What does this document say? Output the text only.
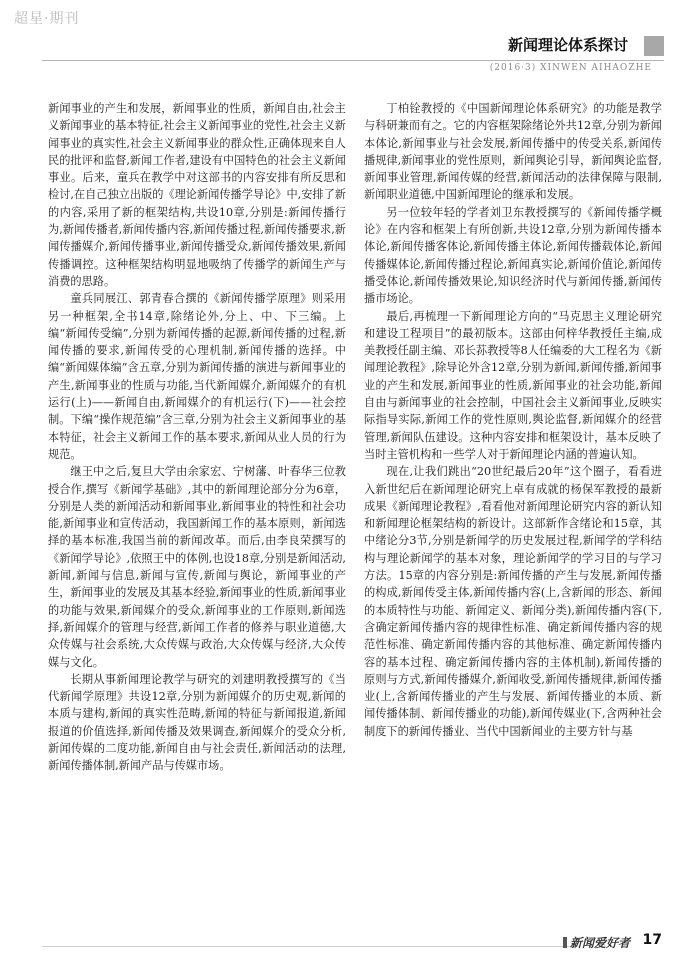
超星·期刊
新闻理论体系探讨
(2016·3) XINWEN AIHAOZHE

新闻事业的产生和发展，新闻事业的性质，新闻自由,社会主义新闻事业的基本特征,社会主义新闻事业的党性,社会主义新闻事业的真实性,社会主义新闻事业的群众性,正确体现来自人民的批评和监督,新闻工作者,建设有中国特色的社会主义新闻事业。后来，童兵在教学中对这部书的内容安排有所反思和检讨,在自己独立出版的《理论新闻传播学导论》中,安排了新的内容,采用了新的框架结构,共设10章,分别是:新闻传播行为,新闻传播者,新闻传播内容,新闻传播过程,新闻传播要求,新闻传播媒介,新闻传播事业,新闻传播受众,新闻传播效果,新闻传播调控。这种框架结构明显地吸纳了传播学的新闻生产与消费的思路。

童兵同展江、郭青春合撰的《新闻传播学原理》则采用另一种框架,全书14章,除绪论外,分上、中、下三编。上编“新闻传受编”,分别为新闻传播的起源,新闻传播的过程,新闻传播的要求,新闻传受的心理机制,新闻传播的选择。中编“新闻媒体编”含五章,分别为新闻传播的演进与新闻事业的产生,新闻事业的性质与功能,当代新闻媒介,新闻媒介的有机运行(上)——新闻自由,新闻媒介的有机运行(下)——社会控制。下编“操作规范编”含三章,分别为社会主义新闻事业的基本特征，社会主义新闻工作的基本要求,新闻从业人员的行为规范。

继王中之后,复旦大学由余家宏、宁树藩、叶春华三位教授合作,撰写《新闻学基础》,其中的新闻理论部分分为6章，分别是人类的新闻活动和新闻事业,新闻事业的特性和社会功能,新闻事业和宣传活动，我国新闻工作的基本原则，新闻选择的基本标准,我国当前的新闻改革。而后,由李良荣撰写的《新闻学导论》,依照王中的体例,也设18章,分别是新闻活动,新闻,新闻与信息,新闻与宣传,新闻与舆论，新闻事业的产生，新闻事业的发展及其基本经验,新闻事业的性质,新闻事业的功能与效果,新闻媒介的受众,新闻事业的工作原则,新闻选择,新闻媒介的管理与经营,新闻工作者的修养与职业道德,大众传媒与社会系统,大众传媒与政治,大众传媒与经济,大众传媒与文化。

长期从事新闻理论教学与研究的刘建明教授撰写的《当代新闻学原理》共设12章,分别为新闻媒介的历史观,新闻的本质与建构,新闻的真实性范畴,新闻的特征与新闻报道,新闻报道的价值选择,新闻传播及效果调查,新闻媒介的受众分析,新闻传媒的二度功能,新闻自由与社会责任,新闻活动的法理,新闻传播体制,新闻产品与传媒市场。

丁柏铨教授的《中国新闻理论体系研究》的功能是教学与科研兼而有之。它的内容框架除绪论外共12章,分别为新闻本体论,新闻事业与社会发展,新闻传播中的传受关系,新闻传播规律,新闻事业的党性原则，新闻舆论引导，新闻舆论监督,新闻事业管理,新闻传媒的经营,新闻活动的法律保障与限制,新闻职业道德,中国新闻理论的继承和发展。

另一位较年轻的学者刘卫东教授撰写的《新闻传播学概论》在内容和框架上有所创新,共设12章,分别为新闻传播本体论,新闻传播客体论,新闻传播主体论,新闻传播载体论,新闻传播媒体论,新闻传播过程论,新闻真实论,新闻价值论,新闻传播受体论,新闻传播效果论,知识经济时代与新闻传播,新闻传播市场论。

最后,再梳理一下新闻理论方向的“马克思主义理论研究和建设工程项目”的最初版本。这部由何梓华教授任主编,成美教授任副主编、邓长荪教授等8人任编委的大工程名为《新闻理论教程》,除导论外含12章,分别为新闻,新闻传播,新闻事业的产生和发展,新闻事业的性质,新闻事业的社会功能,新闻自由与新闻事业的社会控制，中国社会主义新闻事业,反映实际指导实际,新闻工作的党性原则,舆论监督,新闻媒介的经营管理,新闻队伍建设。这种内容安排和框架设计，基本反映了当时主管机构和一些学人对于新闻理论内涵的普遍认知。

现在,让我们跳出“20世纪最后20年”这个圈子，看看进入新世纪后在新闻理论研究上卓有成就的杨保军教授的最新成果《新闻理论教程》,看看他对新闻理论研究内容的新认知和新闻理论框架结构的新设计。这部新作含绪论和15章，其中绪论分3节,分别是新闻学的历史发展过程,新闻学的学科结构与理论新闻学的基本对象，理论新闻学的学习目的与学习方法。15章的内容分别是:新闻传播的产生与发展,新闻传播的构成,新闻传受主体,新闻传播内容(上,含新闻的形态、新闻的本质特性与功能、新闻定义、新闻分类),新闻传播内容(下,含确定新闻传播内容的规律性标准、确定新闻传播内容的规范性标准、确定新闻传播内容的其他标准、确定新闻传播内容的基本过程、确定新闻传播内容的主体机制),新闻传播的原则与方式,新闻传播媒介,新闻收受,新闻传播规律,新闻传播业(上,含新闻传播业的产生与发展、新闻传播业的本质、新闻传播体制、新闻传播业的功能),新闻传媒业(下,含两种社会制度下的新闻传播业、当代中国新闻业的主要方针与基

新闻爱好者 17
